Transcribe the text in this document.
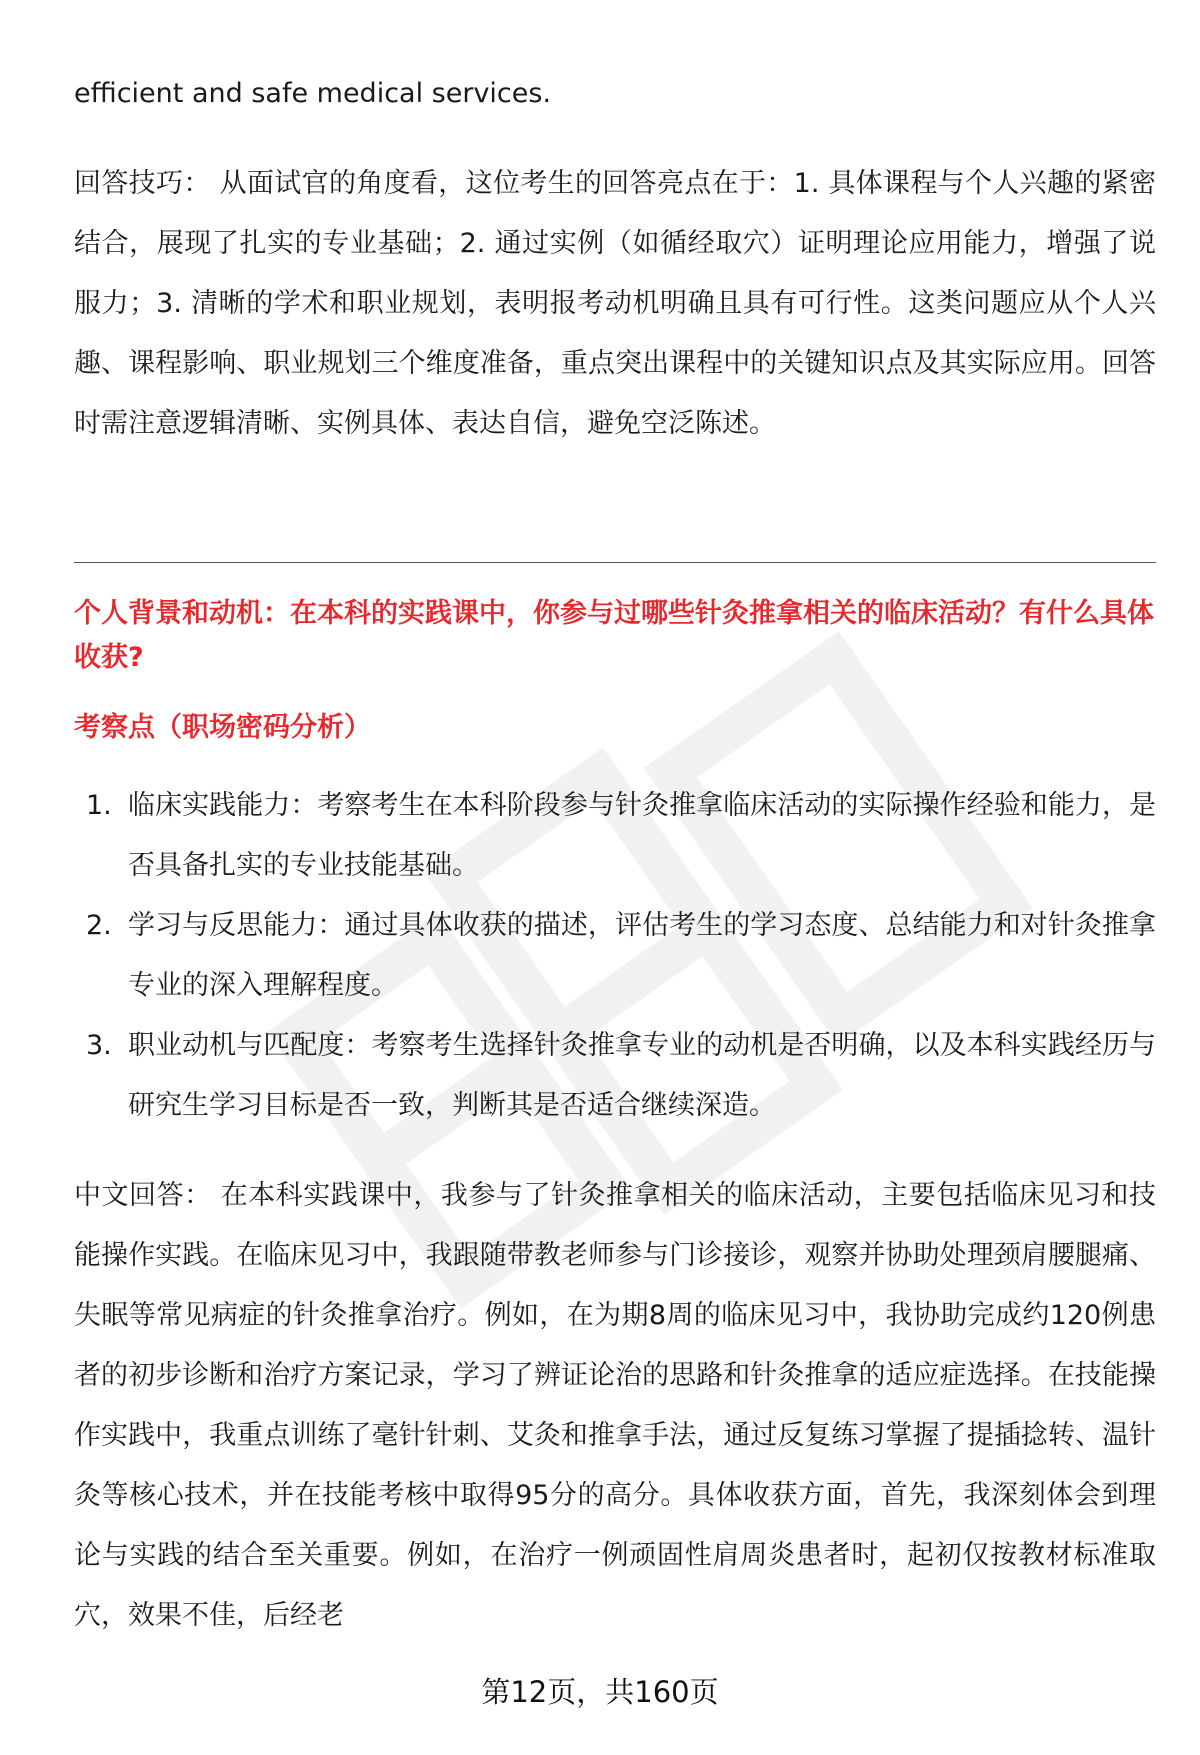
efficient and safe medical services.

回答技巧： 从面试官的角度看，这位考生的回答亮点在于：1. 具体课程与个人兴趣的紧密结合，展现了扎实的专业基础；2. 通过实例（如循经取穴）证明理论应用能力，增强了说服力；3. 清晰的学术和职业规划，表明报考动机明确且具有可行性。这类问题应从个人兴趣、课程影响、职业规划三个维度准备，重点突出课程中的关键知识点及其实际应用。回答时需注意逻辑清晰、实例具体、表达自信，避免空泛陈述。

个人背景和动机：在本科的实践课中，你参与过哪些针灸推拿相关的临床活动？有什么具体收获?
考察点（职场密码分析）
1. 临床实践能力：考察考生在本科阶段参与针灸推拿临床活动的实际操作经验和能力，是否具备扎实的专业技能基础。
2. 学习与反思能力：通过具体收获的描述，评估考生的学习态度、总结能力和对针灸推拿专业的深入理解程度。
3. 职业动机与匹配度：考察考生选择针灸推拿专业的动机是否明确，以及本科实践经历与研究生学习目标是否一致，判断其是否适合继续深造。

中文回答： 在本科实践课中，我参与了针灸推拿相关的临床活动，主要包括临床见习和技能操作实践。在临床见习中，我跟随带教老师参与门诊接诊，观察并协助处理颈肩腰腿痛、失眠等常见病症的针灸推拿治疗。例如，在为期8周的临床见习中，我协助完成约120例患者的初步诊断和治疗方案记录，学习了辨证论治的思路和针灸推拿的适应症选择。在技能操作实践中，我重点训练了毫针针刺、艾灸和推拿手法，通过反复练习掌握了提插捻转、温针灸等核心技术，并在技能考核中取得95分的高分。具体收获方面，首先，我深刻体会到理论与实践的结合至关重要。例如，在治疗一例顽固性肩周炎患者时，起初仅按教材标准取穴，效果不佳，后经老

第12页，共160页
